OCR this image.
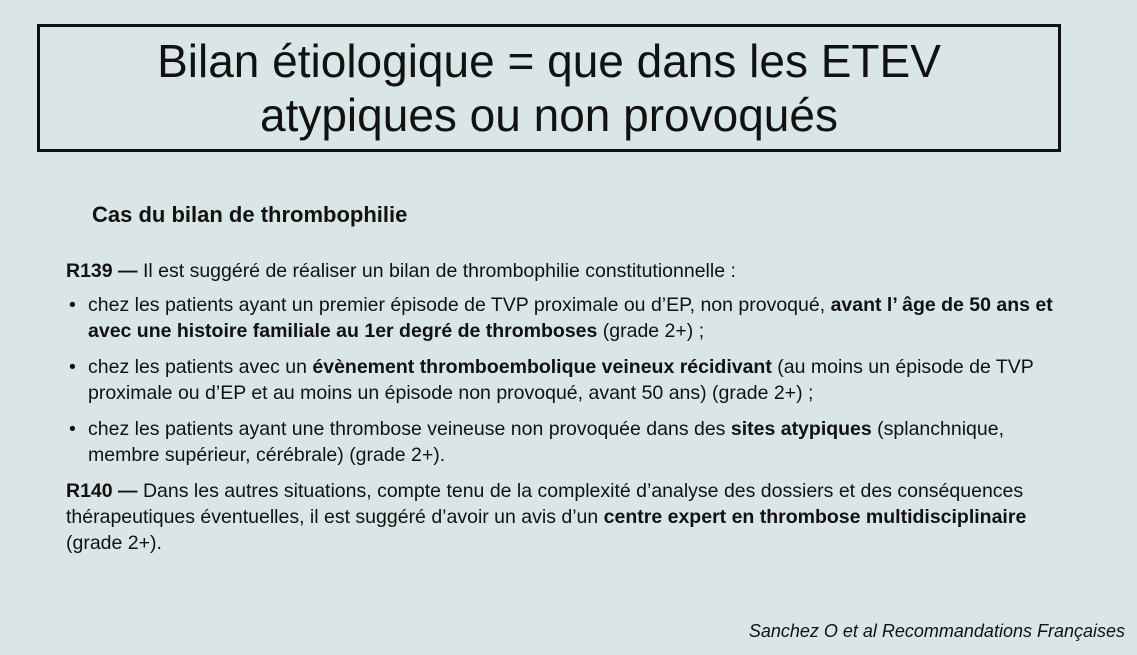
Bilan étiologique = que dans les ETEV
atypiques ou non provoqués
Cas du bilan de thrombophilie

R139 — Il est suggéré de réaliser un bilan de thrombophilie constitutionnelle :

• chez les patients ayant un premier épisode de TVP proximale ou d’EP, non provoqué, avant l’ âge de 50 ans et avec une histoire familiale au 1er degré de thromboses (grade 2+) ;
• chez les patients avec un évènement thromboembolique veineux récidivant (au moins un épisode de TVP proximale ou d’EP et au moins un épisode non provoqué, avant 50 ans) (grade 2+) ;
• chez les patients ayant une thrombose veineuse non provoquée dans des sites atypiques (splanchnique, membre supérieur, cérébrale) (grade 2+).

R140 — Dans les autres situations, compte tenu de la complexité d’analyse des dossiers et des conséquences thérapeutiques éventuelles, il est suggéré d’avoir un avis d’un centre expert en thrombose multidisciplinaire (grade 2+).

Sanchez O et al Recommandations Françaises
